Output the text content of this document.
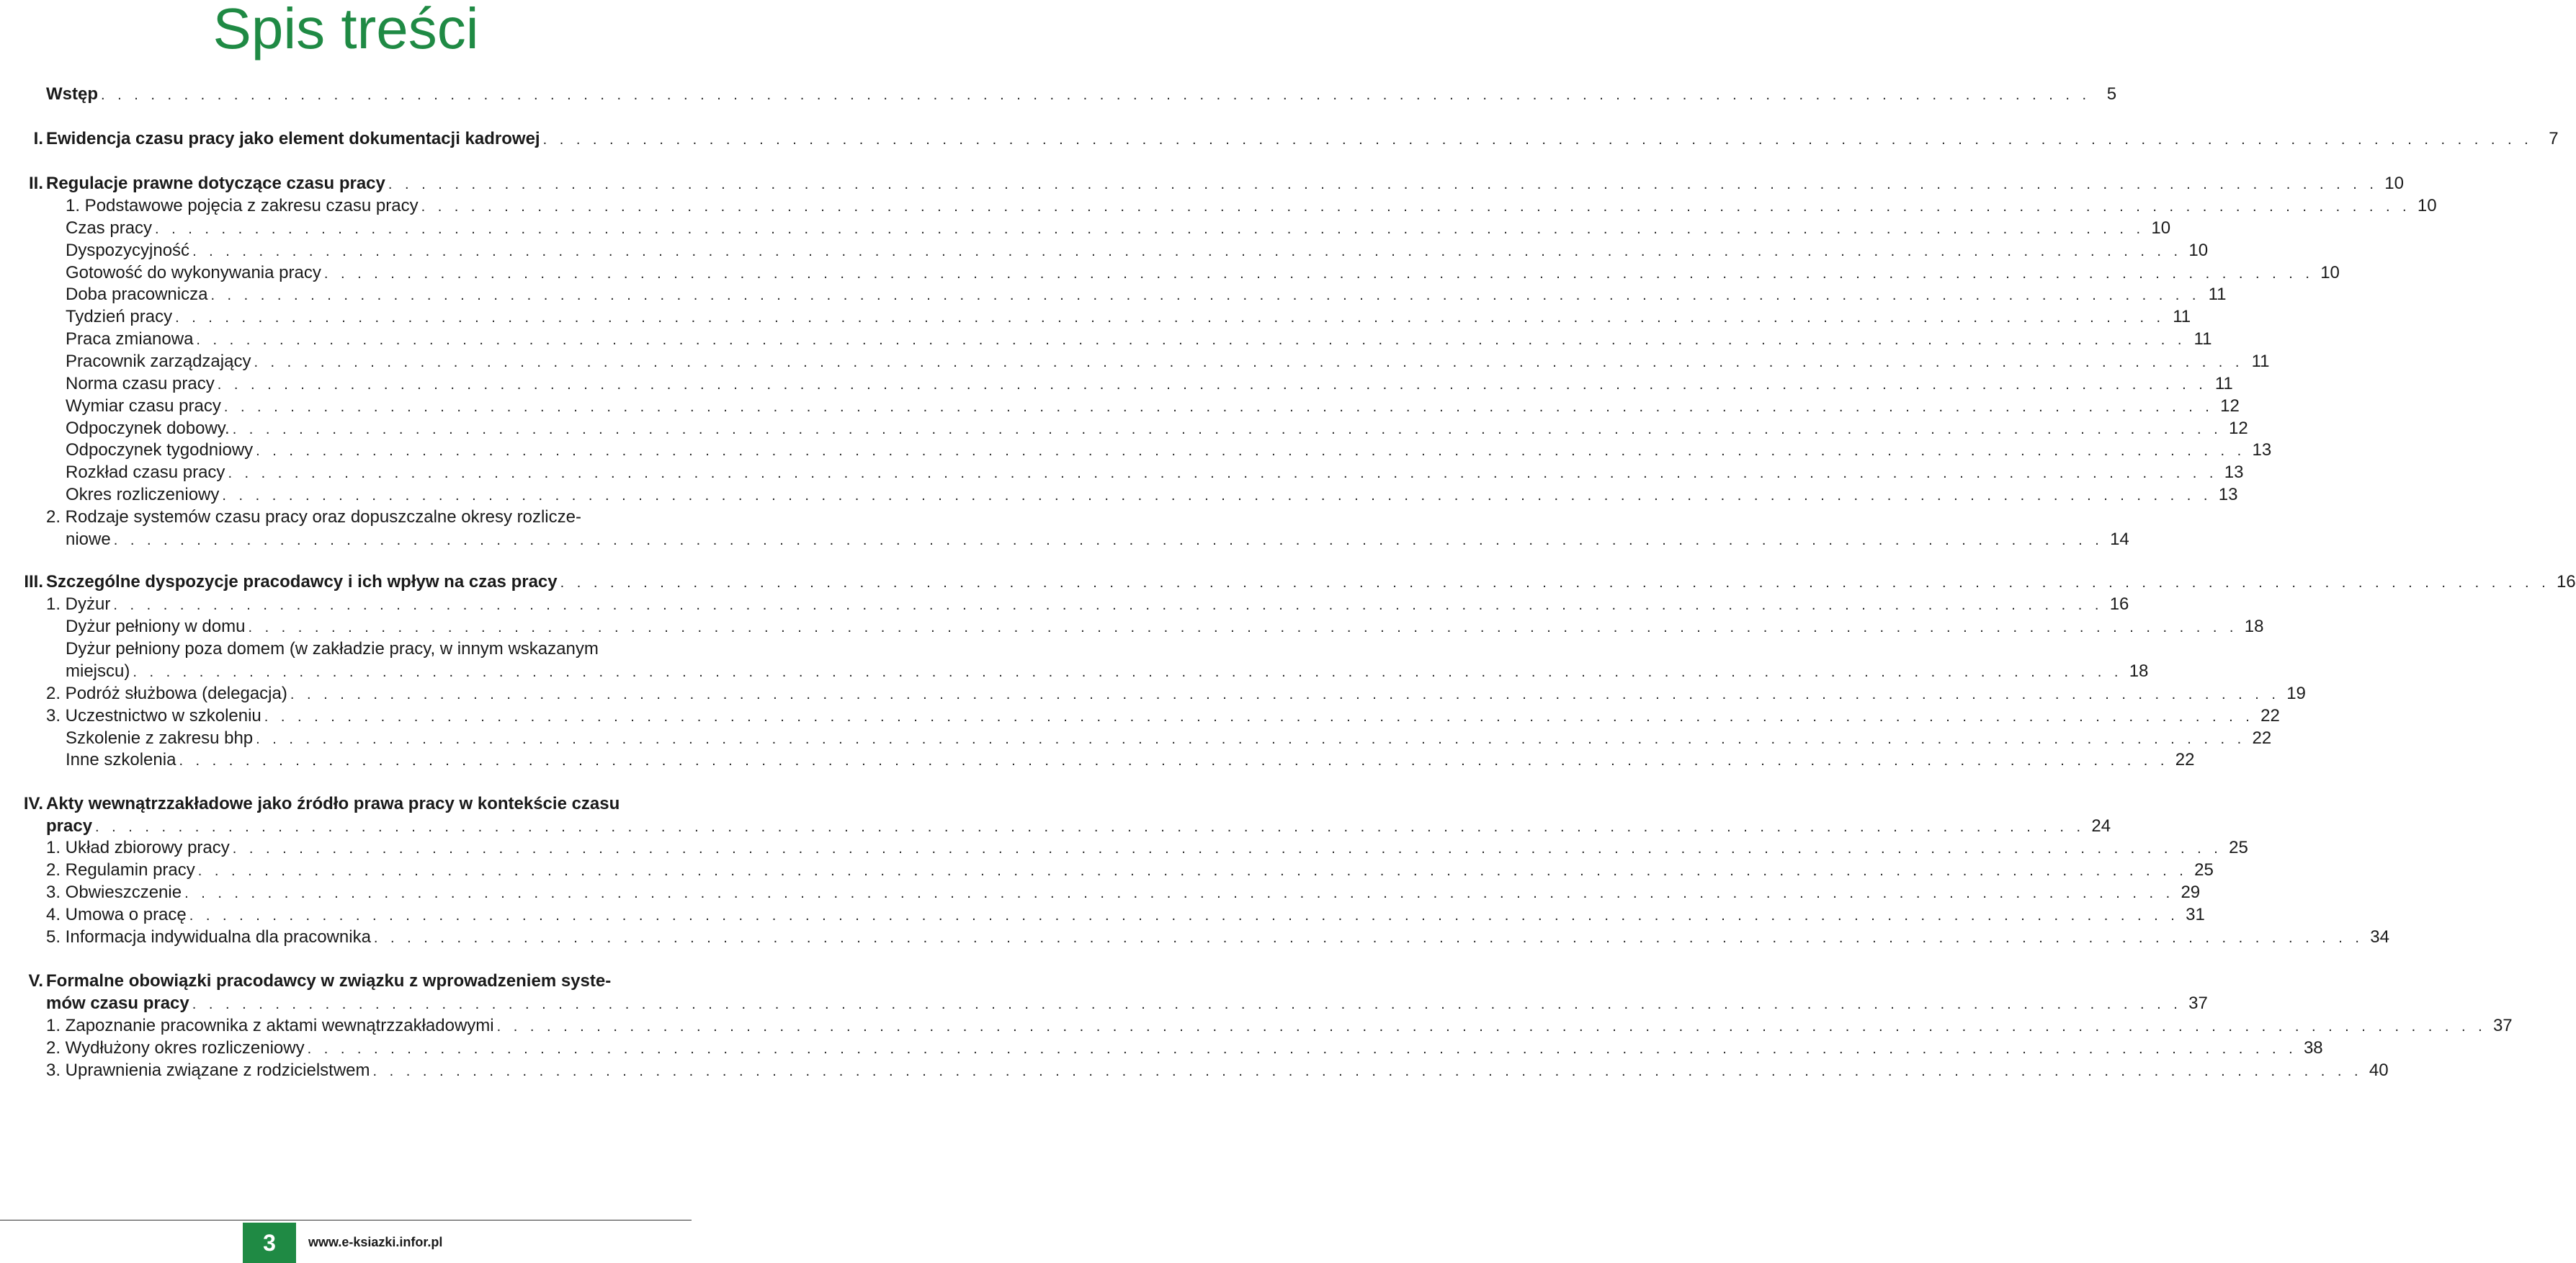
Spis treści
Wstęp . . . . . . . . . . . . . . . . . . . . . . . . . . . . . . . . . . . . . . . . . . . . . . . . . . . . . . . . . . . . . . . . . . . . . . . . . . . . . . . . . . . . . . . . . . . . . . . . . . . . . . . . . . . . . . . . . . . . . . . . 5
I. Ewidencja czasu pracy jako element dokumentacji kadrowej . . . . . . . . . . . . . . . . . . . . . . . . . . . . . . . . . . . . . . . . . . . . . . . . . . . . . . . . . . . . . . . . . . . . . . . . . . . . . . . . . . . . . . . . . . . . . . . . . . . . . . . . . . . . . . . . . . . . . . . . 7
II. Regulacje prawne dotyczące czasu pracy . . . . . . . . . . . . . . . . . . . . . . . . . . . . . . . . . . . . . . . . . . . . . . . . . . . . . . . . . . . . . . . . . . . . . . . . . . . . . . . . . . . . . . . . . . . . . . . . . . . . . . . . . . . . . . . . . . . . . . . . 10
1. Podstawowe pojęcia z zakresu czasu pracy . . . . . . . . . . . . . . . . . . . . . . . . . . . . . . . . . . . . . . . . . . . . . . . . . . . . . . . . . . . . . . . . . . . . . . . . . . . . . . . . . . . . . . . . . . . . . . . . . . . . . . . . . . . . . . . . . . . . . . . . 10
Czas pracy . . . . . . . . . . . . . . . . . . . . . . . . . . . . . . . . . . . . . . . . . . . . . . . . . . . . . . . . . . . . . . . . . . . . . . . . . . . . . . . . . . . . . . . . . . . . . . . . . . . . . . . . . . . . . . . . . . . . . . . . 10
Dyspozycyjność . . . . . . . . . . . . . . . . . . . . . . . . . . . . . . . . . . . . . . . . . . . . . . . . . . . . . . . . . . . . . . . . . . . . . . . . . . . . . . . . . . . . . . . . . . . . . . . . . . . . . . . . . . . . . . . . . . . . . . . . 10
Gotowość do wykonywania pracy . . . . . . . . . . . . . . . . . . . . . . . . . . . . . . . . . . . . . . . . . . . . . . . . . . . . . . . . . . . . . . . . . . . . . . . . . . . . . . . . . . . . . . . . . . . . . . . . . . . . . . . . . . . . . . . . . . . . . . . . 10
Doba pracownicza . . . . . . . . . . . . . . . . . . . . . . . . . . . . . . . . . . . . . . . . . . . . . . . . . . . . . . . . . . . . . . . . . . . . . . . . . . . . . . . . . . . . . . . . . . . . . . . . . . . . . . . . . . . . . . . . . . . . . . . . 11
Tydzień pracy . . . . . . . . . . . . . . . . . . . . . . . . . . . . . . . . . . . . . . . . . . . . . . . . . . . . . . . . . . . . . . . . . . . . . . . . . . . . . . . . . . . . . . . . . . . . . . . . . . . . . . . . . . . . . . . . . . . . . . . . 11
Praca zmianowa . . . . . . . . . . . . . . . . . . . . . . . . . . . . . . . . . . . . . . . . . . . . . . . . . . . . . . . . . . . . . . . . . . . . . . . . . . . . . . . . . . . . . . . . . . . . . . . . . . . . . . . . . . . . . . . . . . . . . . . . 11
Pracownik zarządzający . . . . . . . . . . . . . . . . . . . . . . . . . . . . . . . . . . . . . . . . . . . . . . . . . . . . . . . . . . . . . . . . . . . . . . . . . . . . . . . . . . . . . . . . . . . . . . . . . . . . . . . . . . . . . . . . . . . . . . . . 11
Norma czasu pracy . . . . . . . . . . . . . . . . . . . . . . . . . . . . . . . . . . . . . . . . . . . . . . . . . . . . . . . . . . . . . . . . . . . . . . . . . . . . . . . . . . . . . . . . . . . . . . . . . . . . . . . . . . . . . . . . . . . . . . . . 11
Wymiar czasu pracy . . . . . . . . . . . . . . . . . . . . . . . . . . . . . . . . . . . . . . . . . . . . . . . . . . . . . . . . . . . . . . . . . . . . . . . . . . . . . . . . . . . . . . . . . . . . . . . . . . . . . . . . . . . . . . . . . . . . . . . . 12
Odpoczynek dobowy. . . . . . . . . . . . . . . . . . . . . . . . . . . . . . . . . . . . . . . . . . . . . . . . . . . . . . . . . . . . . . . . . . . . . . . . . . . . . . . . . . . . . . . . . . . . . . . . . . . . . . . . . . . . . . . . . . . . . . . . . 12
Odpoczynek tygodniowy . . . . . . . . . . . . . . . . . . . . . . . . . . . . . . . . . . . . . . . . . . . . . . . . . . . . . . . . . . . . . . . . . . . . . . . . . . . . . . . . . . . . . . . . . . . . . . . . . . . . . . . . . . . . . . . . . . . . . . . . 13
Rozkład czasu pracy . . . . . . . . . . . . . . . . . . . . . . . . . . . . . . . . . . . . . . . . . . . . . . . . . . . . . . . . . . . . . . . . . . . . . . . . . . . . . . . . . . . . . . . . . . . . . . . . . . . . . . . . . . . . . . . . . . . . . . . . 13
Okres rozliczeniowy . . . . . . . . . . . . . . . . . . . . . . . . . . . . . . . . . . . . . . . . . . . . . . . . . . . . . . . . . . . . . . . . . . . . . . . . . . . . . . . . . . . . . . . . . . . . . . . . . . . . . . . . . . . . . . . . . . . . . . . . 13
2. Rodzaje systemów czasu pracy oraz dopuszczalne okresy rozlicze-
niowe . . . . . . . . . . . . . . . . . . . . . . . . . . . . . . . . . . . . . . . . . . . . . . . . . . . . . . . . . . . . . . . . . . . . . . . . . . . . . . . . . . . . . . . . . . . . . . . . . . . . . . . . . . . . . . . . . . . . . . . . 14
III. Szczególne dyspozycje pracodawcy i ich wpływ na czas pracy . . . . . . . . . . . . . . . . . . . . . . . . . . . . . . . . . . . . . . . . . . . . . . . . . . . . . . . . . . . . . . . . . . . . . . . . . . . . . . . . . . . . . . . . . . . . . . . . . . . . . . . . . . . . . . . . . . . . . . . . 16
1. Dyżur . . . . . . . . . . . . . . . . . . . . . . . . . . . . . . . . . . . . . . . . . . . . . . . . . . . . . . . . . . . . . . . . . . . . . . . . . . . . . . . . . . . . . . . . . . . . . . . . . . . . . . . . . . . . . . . . . . . . . . . . 16
Dyżur pełniony w domu . . . . . . . . . . . . . . . . . . . . . . . . . . . . . . . . . . . . . . . . . . . . . . . . . . . . . . . . . . . . . . . . . . . . . . . . . . . . . . . . . . . . . . . . . . . . . . . . . . . . . . . . . . . . . . . . . . . . . . . . 18
Dyżur pełniony poza domem (w zakładzie pracy, w innym wskazanym
miejscu) . . . . . . . . . . . . . . . . . . . . . . . . . . . . . . . . . . . . . . . . . . . . . . . . . . . . . . . . . . . . . . . . . . . . . . . . . . . . . . . . . . . . . . . . . . . . . . . . . . . . . . . . . . . . . . . . . . . . . . . . 18
2. Podróż służbowa (delegacja) . . . . . . . . . . . . . . . . . . . . . . . . . . . . . . . . . . . . . . . . . . . . . . . . . . . . . . . . . . . . . . . . . . . . . . . . . . . . . . . . . . . . . . . . . . . . . . . . . . . . . . . . . . . . . . . . . . . . . . . . 19
3. Uczestnictwo w szkoleniu . . . . . . . . . . . . . . . . . . . . . . . . . . . . . . . . . . . . . . . . . . . . . . . . . . . . . . . . . . . . . . . . . . . . . . . . . . . . . . . . . . . . . . . . . . . . . . . . . . . . . . . . . . . . . . . . . . . . . . . . 22
Szkolenie z zakresu bhp . . . . . . . . . . . . . . . . . . . . . . . . . . . . . . . . . . . . . . . . . . . . . . . . . . . . . . . . . . . . . . . . . . . . . . . . . . . . . . . . . . . . . . . . . . . . . . . . . . . . . . . . . . . . . . . . . . . . . . . . 22
Inne szkolenia . . . . . . . . . . . . . . . . . . . . . . . . . . . . . . . . . . . . . . . . . . . . . . . . . . . . . . . . . . . . . . . . . . . . . . . . . . . . . . . . . . . . . . . . . . . . . . . . . . . . . . . . . . . . . . . . . . . . . . . . 22
IV. Akty wewnątrzzakładowe jako źródło prawa pracy w kontekście czasu
pracy . . . . . . . . . . . . . . . . . . . . . . . . . . . . . . . . . . . . . . . . . . . . . . . . . . . . . . . . . . . . . . . . . . . . . . . . . . . . . . . . . . . . . . . . . . . . . . . . . . . . . . . . . . . . . . . . . . . . . . . . 24
1. Układ zbiorowy pracy . . . . . . . . . . . . . . . . . . . . . . . . . . . . . . . . . . . . . . . . . . . . . . . . . . . . . . . . . . . . . . . . . . . . . . . . . . . . . . . . . . . . . . . . . . . . . . . . . . . . . . . . . . . . . . . . . . . . . . . . 25
2. Regulamin pracy . . . . . . . . . . . . . . . . . . . . . . . . . . . . . . . . . . . . . . . . . . . . . . . . . . . . . . . . . . . . . . . . . . . . . . . . . . . . . . . . . . . . . . . . . . . . . . . . . . . . . . . . . . . . . . . . . . . . . . . . 25
3. Obwieszczenie . . . . . . . . . . . . . . . . . . . . . . . . . . . . . . . . . . . . . . . . . . . . . . . . . . . . . . . . . . . . . . . . . . . . . . . . . . . . . . . . . . . . . . . . . . . . . . . . . . . . . . . . . . . . . . . . . . . . . . . . 29
4. Umowa o pracę . . . . . . . . . . . . . . . . . . . . . . . . . . . . . . . . . . . . . . . . . . . . . . . . . . . . . . . . . . . . . . . . . . . . . . . . . . . . . . . . . . . . . . . . . . . . . . . . . . . . . . . . . . . . . . . . . . . . . . . . 31
5. Informacja indywidualna dla pracownika . . . . . . . . . . . . . . . . . . . . . . . . . . . . . . . . . . . . . . . . . . . . . . . . . . . . . . . . . . . . . . . . . . . . . . . . . . . . . . . . . . . . . . . . . . . . . . . . . . . . . . . . . . . . . . . . . . . . . . . . 34
V. Formalne obowiązki pracodawcy w związku z wprowadzeniem syste-
mów czasu pracy . . . . . . . . . . . . . . . . . . . . . . . . . . . . . . . . . . . . . . . . . . . . . . . . . . . . . . . . . . . . . . . . . . . . . . . . . . . . . . . . . . . . . . . . . . . . . . . . . . . . . . . . . . . . . . . . . . . . . . . . 37
1. Zapoznanie pracownika z aktami wewnątrzzakładowymi . . . . . . . . . . . . . . . . . . . . . . . . . . . . . . . . . . . . . . . . . . . . . . . . . . . . . . . . . . . . . . . . . . . . . . . . . . . . . . . . . . . . . . . . . . . . . . . . . . . . . . . . . . . . . . . . . . . . . . . . 37
2. Wydłużony okres rozliczeniowy . . . . . . . . . . . . . . . . . . . . . . . . . . . . . . . . . . . . . . . . . . . . . . . . . . . . . . . . . . . . . . . . . . . . . . . . . . . . . . . . . . . . . . . . . . . . . . . . . . . . . . . . . . . . . . . . . . . . . . . . 38
3. Uprawnienia związane z rodzicielstwem . . . . . . . . . . . . . . . . . . . . . . . . . . . . . . . . . . . . . . . . . . . . . . . . . . . . . . . . . . . . . . . . . . . . . . . . . . . . . . . . . . . . . . . . . . . . . . . . . . . . . . . . . . . . . . . . . . . . . . . . 40
3	www.e-ksiazki.infor.pl
